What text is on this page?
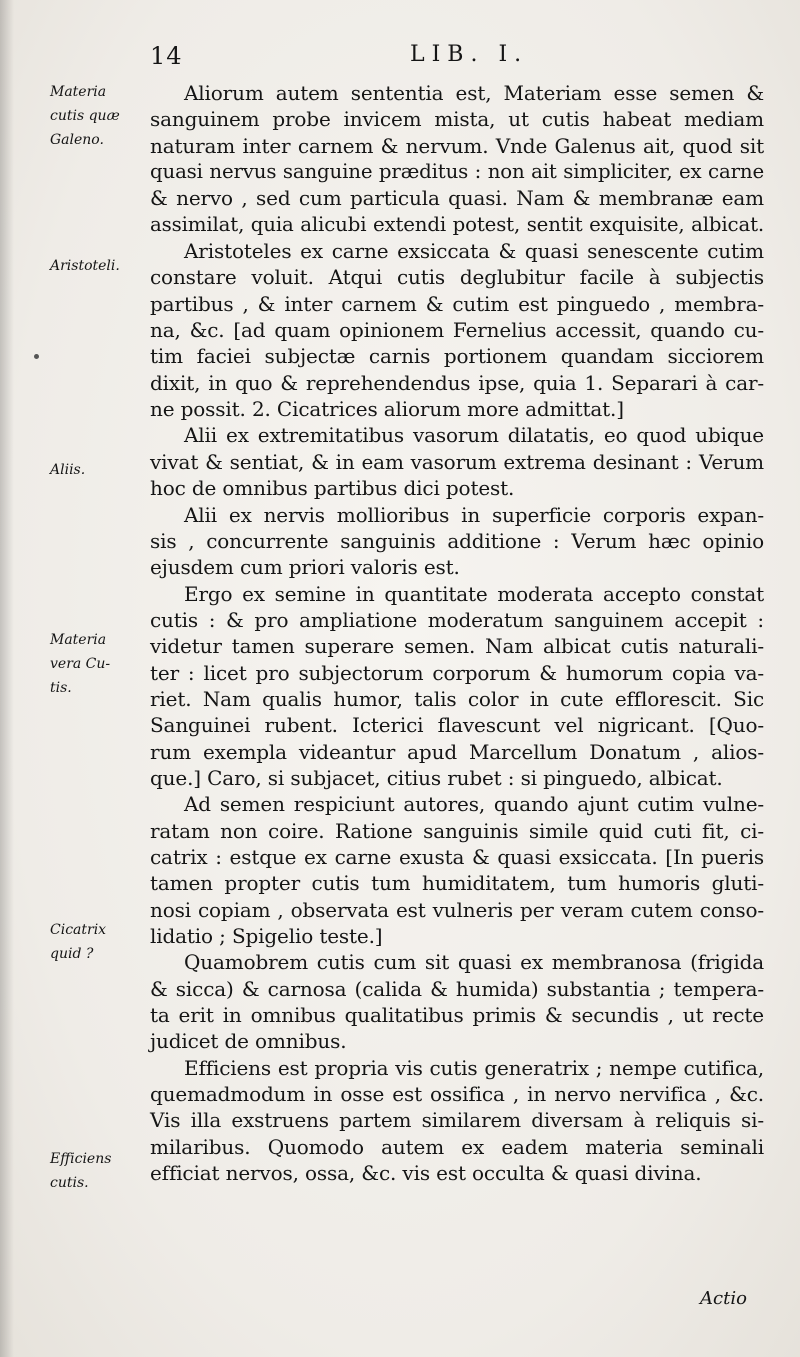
14	LIB. I.
Materia
cutis quæ
Galeno.
Aristoteli.
Aliis.
Materia
vera Cu-
tis.
Cicatrix
quid ?
Efficiens
cutis.
Aliorum autem sententia est, Materiam esse semen &
sanguinem probe invicem mista, ut cutis habeat mediam
naturam inter carnem & nervum. Vnde Galenus ait, quod sit
quasi nervus sanguine præditus : non ait simpliciter, ex carne
& nervo , sed cum particula quasi. Nam & membranæ eam
assimilat, quia alicubi extendi potest, sentit exquisite, albicat.
Aristoteles ex carne exsiccata & quasi senescente cutim
constare voluit. Atqui cutis deglubitur facile à subjectis
partibus , & inter carnem & cutim est pinguedo , membra-
na, &c. [ad quam opinionem Fernelius accessit, quando cu-
tim faciei subjectæ carnis portionem quandam sicciorem
dixit, in quo & reprehendendus ipse, quia 1. Separari à car-
ne possit. 2. Cicatrices aliorum more admittat.]
Alii ex extremitatibus vasorum dilatatis, eo quod ubique
vivat & sentiat, & in eam vasorum extrema desinant : Verum
hoc de omnibus partibus dici potest.
Alii ex nervis mollioribus in superficie corporis expan-
sis , concurrente sanguinis additione : Verum hæc opinio
ejusdem cum priori valoris est.
Ergo ex semine in quantitate moderata accepto constat
cutis : & pro ampliatione moderatum sanguinem accepit :
videtur tamen superare semen. Nam albicat cutis naturali-
ter : licet pro subjectorum corporum & humorum copia va-
riet. Nam qualis humor, talis color in cute efflorescit. Sic
Sanguinei rubent. Icterici flavescunt vel nigricant. [Quo-
rum exempla videantur apud Marcellum Donatum , alios-
que.] Caro, si subjacet, citius rubet : si pinguedo, albicat.
Ad semen respiciunt autores, quando ajunt cutim vulne-
ratam non coire. Ratione sanguinis simile quid cuti fit, ci-
catrix : estque ex carne exusta & quasi exsiccata. [In pueris
tamen propter cutis tum humiditatem, tum humoris gluti-
nosi copiam , observata est vulneris per veram cutem conso-
lidatio ; Spigelio teste.]
Quamobrem cutis cum sit quasi ex membranosa (frigida
& sicca) & carnosa (calida & humida) substantia ; tempera-
ta erit in omnibus qualitatibus primis & secundis , ut recte
judicet de omnibus.
Efficiens est propria vis cutis generatrix ; nempe cutifica,
quemadmodum in osse est ossifica , in nervo nervifica , &c.
Vis illa exstruens partem similarem diversam à reliquis si-
milaribus. Quomodo autem ex eadem materia seminali
efficiat nervos, ossa, &c. vis est occulta & quasi divina.
Actio
